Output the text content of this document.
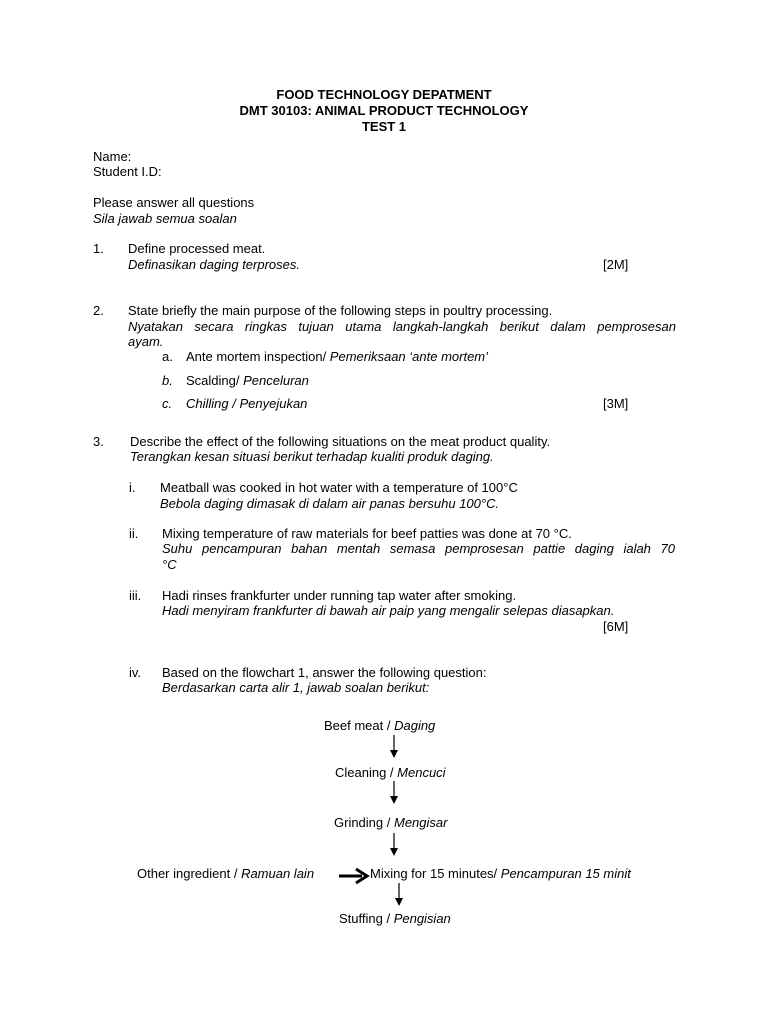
FOOD TECHNOLOGY DEPATMENT
DMT 30103: ANIMAL PRODUCT TECHNOLOGY
TEST 1
Name:
Student I.D:
Please answer all questions
Sila jawab semua soalan
1. Define processed meat.
Definasikan daging terproses.	[2M]
2. State briefly the main purpose of the following steps in poultry processing.
Nyatakan secara ringkas tujuan utama langkah-langkah berikut dalam pemprosesan
ayam.
a. Ante mortem inspection/ Pemeriksaan ‘ante mortem’
b. Scalding/ Penceluran
c. Chilling / Penyejukan	[3M]
3. Describe the effect of the following situations on the meat product quality.
Terangkan kesan situasi berikut terhadap kualiti produk daging.
i. Meatball was cooked in hot water with a temperature of 100°C
Bebola daging dimasak di dalam air panas bersuhu 100°C.
ii. Mixing temperature of raw materials for beef patties was done at 70 °C.
Suhu pencampuran bahan mentah semasa pemprosesan pattie daging ialah 70
°C
iii. Hadi rinses frankfurter under running tap water after smoking.
Hadi menyiram frankfurter di bawah air paip yang mengalir selepas diasapkan.
[6M]
iv. Based on the flowchart 1, answer the following question:
Berdasarkan carta alir 1, jawab soalan berikut:
Beef meat / Daging
Cleaning / Mencuci
Grinding / Mengisar
Other ingredient / Ramuan lain	Mixing for 15 minutes/ Pencampuran 15 minit
Stuffing / Pengisian
